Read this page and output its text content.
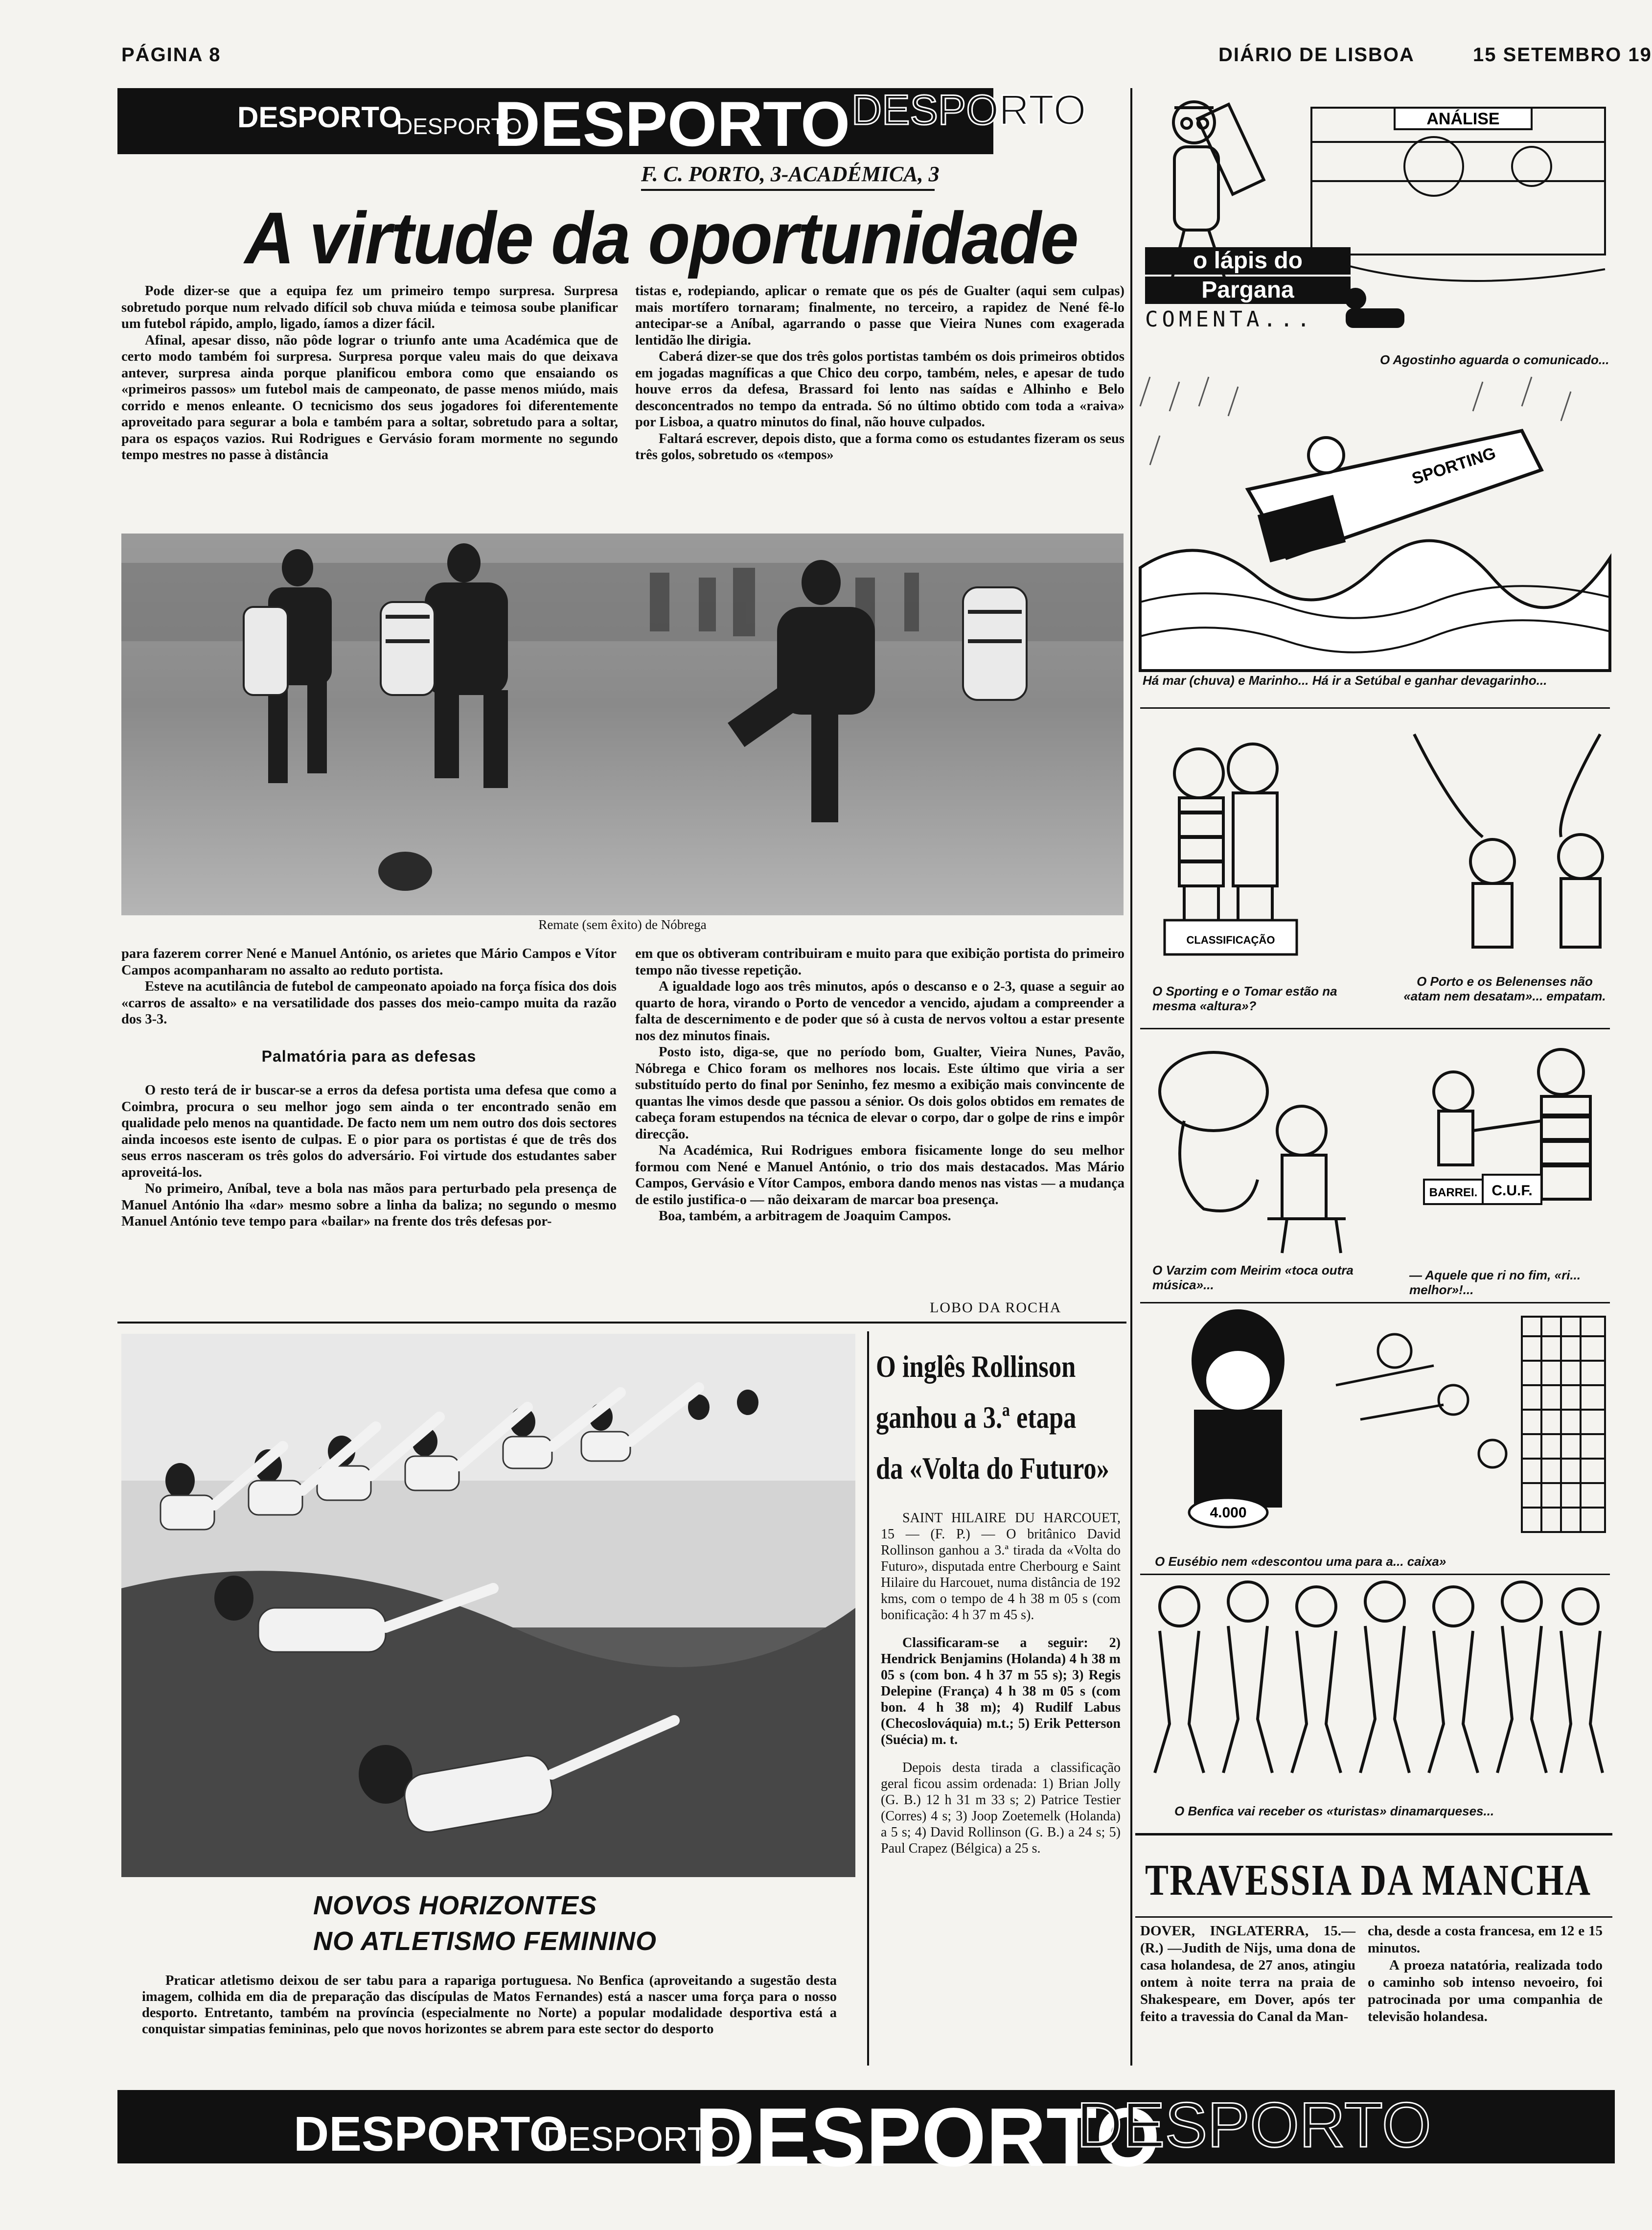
PÁGINA 8	DIÁRIO DE LISBOA	15 SETEMBRO 19
DESPORTO
DESPORTO
DESPORTO DESPORTO
F. C. PORTO, 3-ACADÉMICA, 3
A virtude da oportunidade

Pode dizer-se que a equipa fez um primeiro tempo surpresa. Surpresa sobretudo porque num relvado difícil sob chuva miúda e teimosa soube planificar um futebol rápido, amplo, ligado, íamos a dizer fácil.

Afinal, apesar disso, não pôde lograr o triunfo ante uma Académica que de certo modo também foi surpresa. Surpresa porque valeu mais do que deixava antever, surpresa ainda porque planificou embora como que ensaiando os «primeiros passos» um futebol mais de campeonato, de passe menos miúdo, mais corrido e menos enleante. O tecnicismo dos seus jogadores foi diferentemente aproveitado para segurar a bola e também para a soltar, sobretudo para a soltar, para os espaços vazios. Rui Rodrigues e Gervásio foram mormente no segundo tempo mestres no passe à distância

tistas e, rodepiando, aplicar o remate que os pés de Gualter (aqui sem culpas) mais mortífero tornaram; finalmente, no terceiro, a rapidez de Nené fê-lo antecipar-se a Aníbal, agarrando o passe que Vieira Nunes com exagerada lentidão lhe dirigia.

Caberá dizer-se que dos três golos portistas também os dois primeiros obtidos em jogadas magníficas a que Chico deu corpo, também, neles, e apesar de tudo houve erros da defesa, Brassard foi lento nas saídas e Alhinho e Belo desconcentrados no tempo da entrada. Só no último obtido com toda a «raiva» por Lisboa, a quatro minutos do final, não houve culpados.

Faltará escrever, depois disto, que a forma como os estudantes fizeram os seus três golos, sobretudo os «tempos»

Remate (sem êxito) de Nóbrega

para fazerem correr Nené e Manuel António, os arietes que Mário Campos e Vítor Campos acompanharam no assalto ao reduto portista.

Esteve na acutilância de futebol de campeonato apoiado na força física dos dois «carros de assalto» e na versatilidade dos passes dos meio-campo muita da razão dos 3-3.

Palmatória para as defesas

O resto terá de ir buscar-se a erros da defesa portista uma defesa que como a Coimbra, procura o seu melhor jogo sem ainda o ter encontrado senão em qualidade pelo menos na quantidade. De facto nem um nem outro dos dois sectores ainda incoesos este isento de culpas. E o pior para os portistas é que de três dos seus erros nasceram os três golos do adversário. Foi virtude dos estudantes saber aproveitá-los.

No primeiro, Aníbal, teve a bola nas mãos para perturbado pela presença de Manuel António lha «dar» mesmo sobre a linha da baliza; no segundo o mesmo Manuel António teve tempo para «bailar» na frente dos três defesas por-

em que os obtiveram contribuiram e muito para que exibição portista do primeiro tempo não tivesse repetição.

A igualdade logo aos três minutos, após o descanso e o 2-3, quase a seguir ao quarto de hora, virando o Porto de vencedor a vencido, ajudam a compreender a falta de descernimento e de poder que só à custa de nervos voltou a estar presente nos dez minutos finais.

Posto isto, diga-se, que no período bom, Gualter, Vieira Nunes, Pavão, Nóbrega e Chico foram os melhores nos locais. Este último que viria a ser substituído perto do final por Seninho, fez mesmo a exibição mais convincente de quantas lhe vimos desde que passou a sénior. Os dois golos obtidos em remates de cabeça foram estupendos na técnica de elevar o corpo, dar o golpe de rins e impôr direcção.

Na Académica, Rui Rodrigues embora fisicamente longe do seu melhor formou com Nené e Manuel António, o trio dos mais destacados. Mas Mário Campos, Gervásio e Vítor Campos, embora dando menos nas vistas — a mudança de estilo justifica-o — não deixaram de marcar boa presença.

Boa, também, a arbitragem de Joaquim Campos.

LOBO DA ROCHA
NOVOS HORIZONTES
NO ATLETISMO FEMININO

Praticar atletismo deixou de ser tabu para a rapariga portuguesa. No Benfica (aproveitando a sugestão desta imagem, colhida em dia de preparação das discípulas de Matos Fernandes) está a nascer uma força para o nosso desporto. Entretanto, também na província (especialmente no Norte) a popular modalidade desportiva está a conquistar simpatias femininas, pelo que novos horizontes se abrem para este sector do desporto

O inglês Rollinson
ganhou a 3.ª etapa
da «Volta do Futuro»

SAINT HILAIRE DU HARCOUET, 15 — (F. P.) — O britânico David Rollinson ganhou a 3.ª tirada da «Volta do Futuro», disputada entre Cherbourg e Saint Hilaire du Harcouet, numa distância de 192 kms, com o tempo de 4 h 38 m 05 s (com bonificação: 4 h 37 m 45 s).

Classificaram-se a seguir: 2) Hendrick Benjamins (Holanda) 4 h 38 m 05 s (com bon. 4 h 37 m 55 s); 3) Regis Delepine (França) 4 h 38 m 05 s (com bon. 4 h 38 m); 4) Rudilf Labus (Checoslováquia) m.t.; 5) Erik Petterson (Suécia) m. t.

Depois desta tirada a classificação geral ficou assim ordenada: 1) Brian Jolly (G. B.) 12 h 31 m 33 s; 2) Patrice Testier (Corres) 4 s; 3) Joop Zoetemelk (Holanda) a 5 s; 4) David Rollinson (G. B.) a 24 s; 5) Paul Crapez (Bélgica) a 25 s.

ANÁLISE
o lápis do
Pargana
COMENTA...
O Agostinho aguarda o comunicado...
SPORTING
Há mar (chuva) e Marinho... Há ir a Setúbal e ganhar devagarinho...
CLASSIFICAÇÃO
O Sporting e o Tomar estão na mesma «altura»?
O Porto e os Belenenses não «atam nem desatam»... empatam.
BARREI. C.U.F.
O Varzim com Meirim «toca outra música»...
— Aquele que ri no fim, «ri... melhor»!...
4.000
O Eusébio nem «descontou uma para a... caixa»
O Benfica vai receber os «turistas» dinamarqueses...
TRAVESSIA DA MANCHA

DOVER, INGLATERRA, 15.— (R.) —Judith de Nijs, uma dona de casa holandesa, de 27 anos, atingiu ontem à noite terra na praia de Shakespeare, em Dover, após ter feito a travessia do Canal da Man-

cha, desde a costa francesa, em 12 e 15 minutos.

A proeza natatória, realizada todo o caminho sob intenso nevoeiro, foi patrocinada por uma companhia de televisão holandesa.

DESPORTO
DESPORTO
DESPORTO
DESPORTO
